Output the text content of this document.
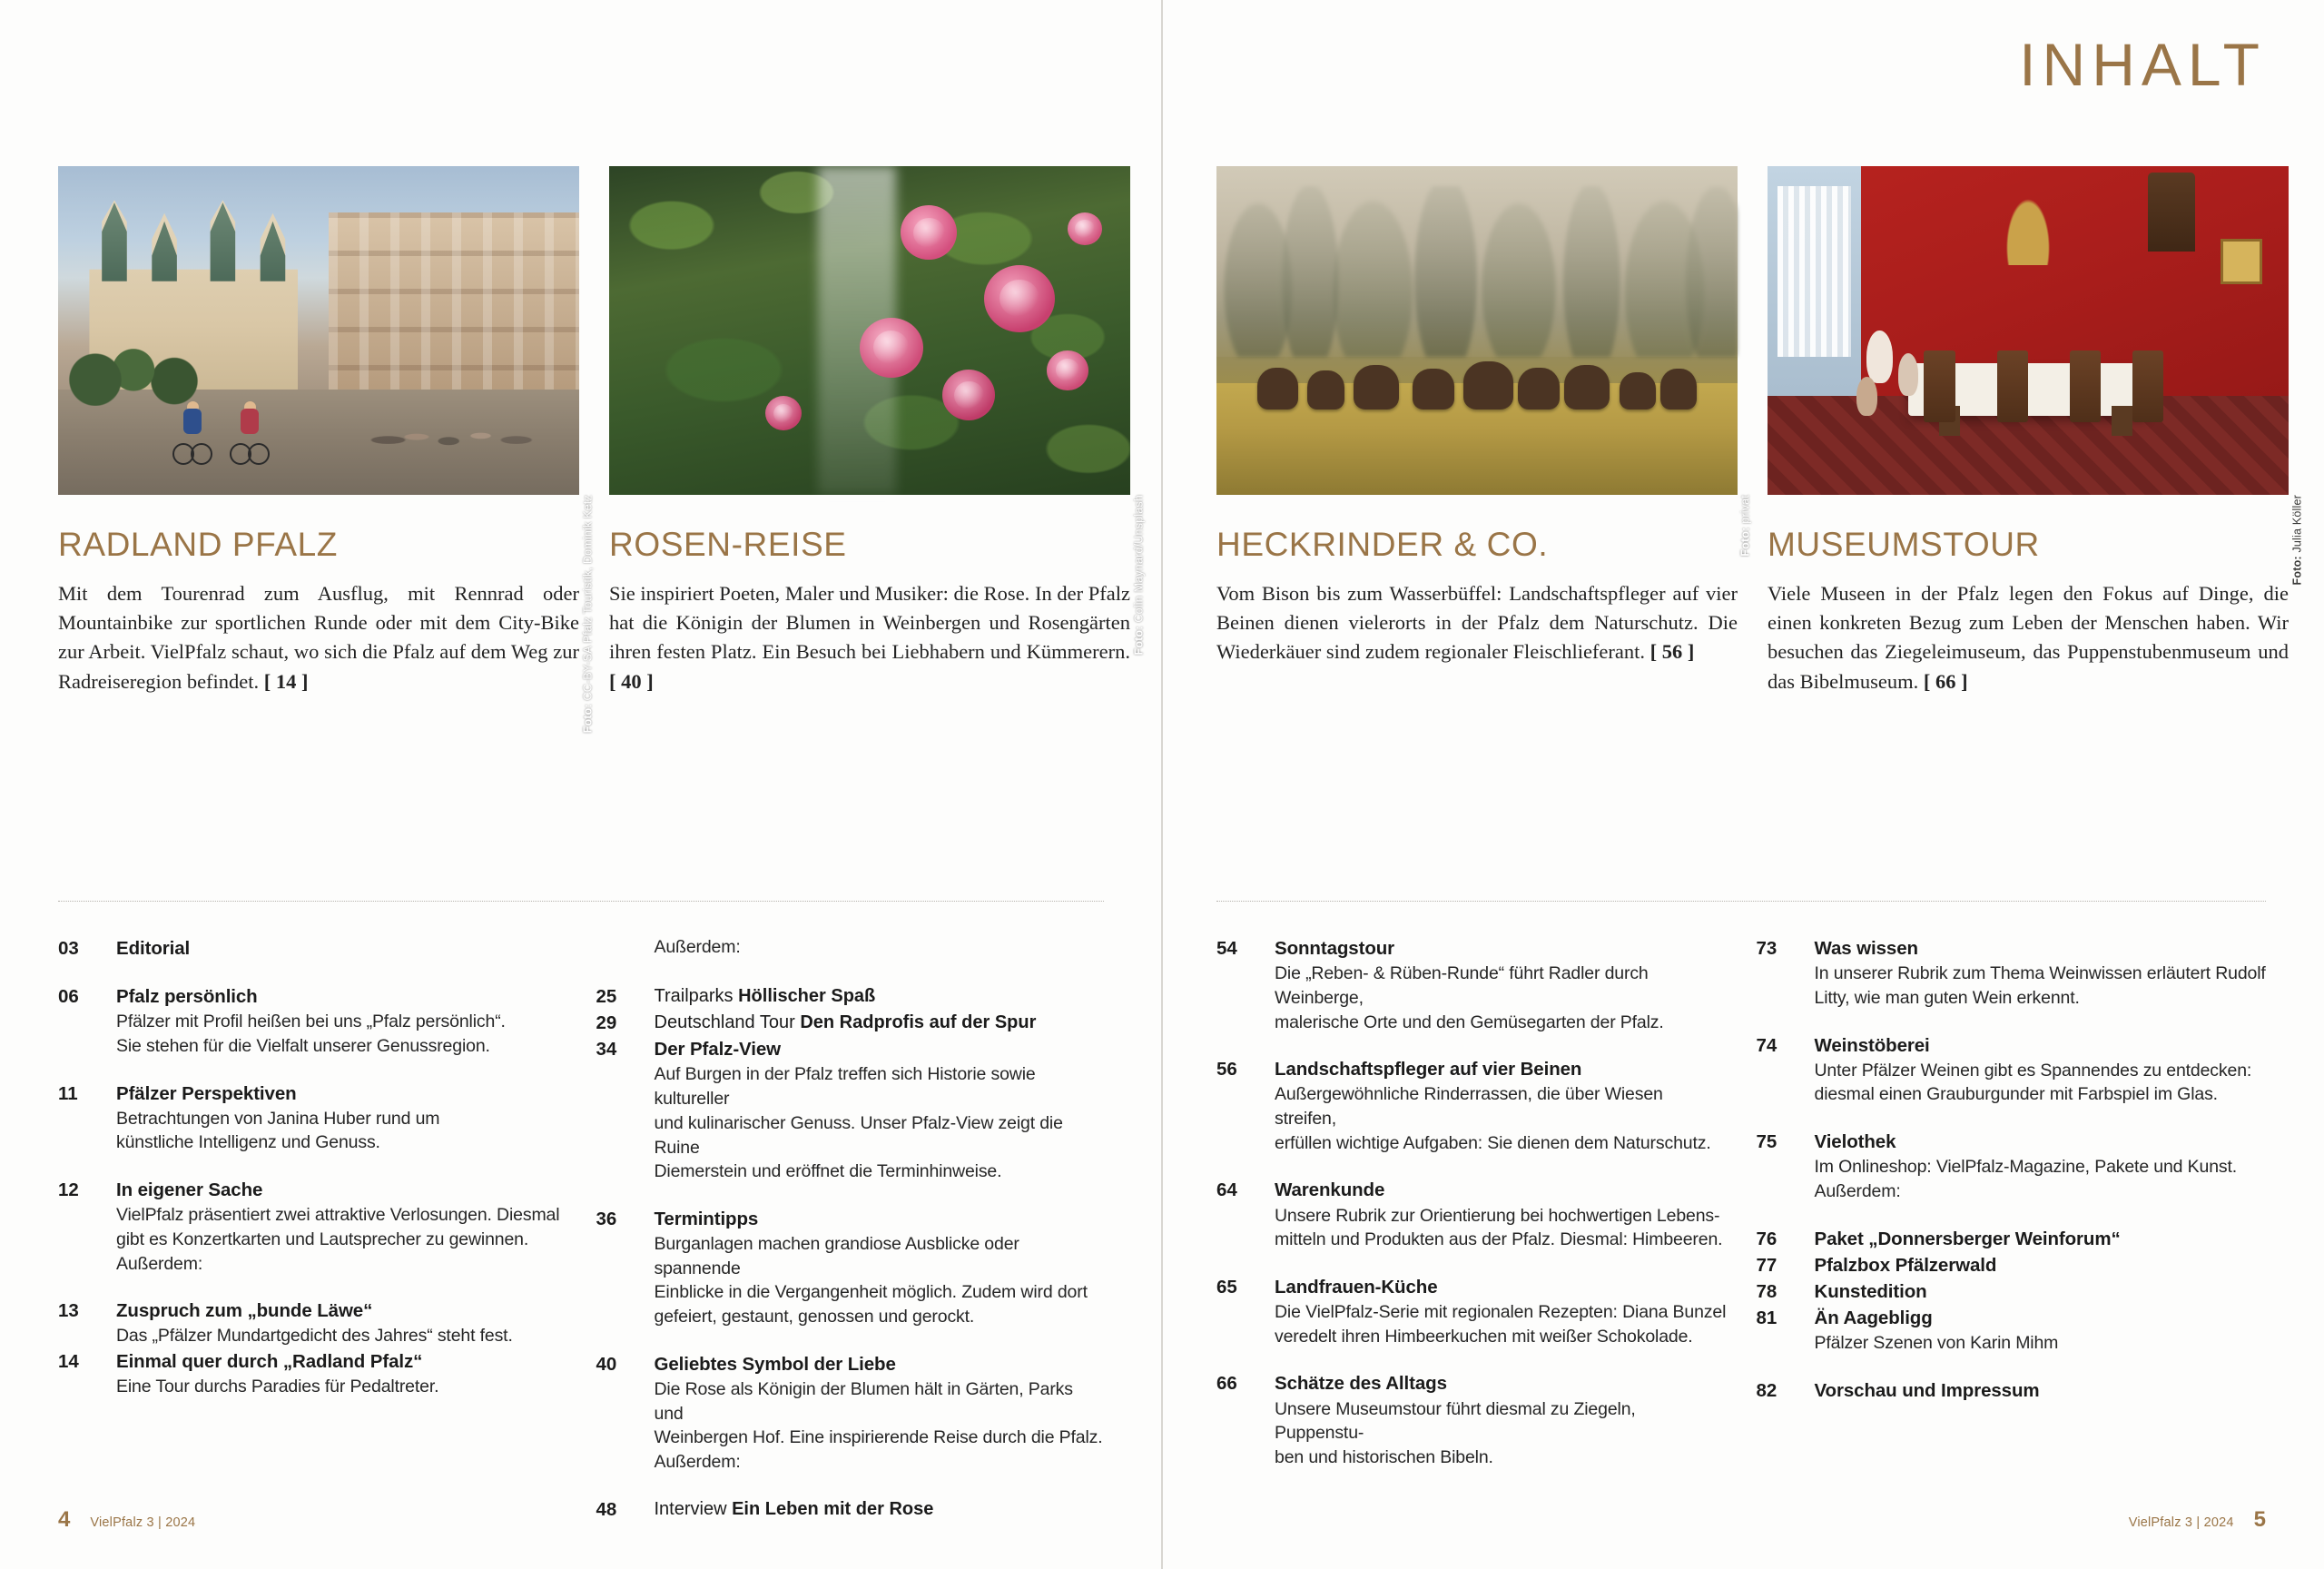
Foto: CC-BY-SA Pfalz Touristik, Dominik Ketz
RADLAND PFALZ
Mit dem Tourenrad zum Ausflug, mit Rennrad oder Mountainbike zur sportlichen Runde oder mit dem City-Bike zur Arbeit. VielPfalz schaut, wo sich die Pfalz auf dem Weg zur Radreiseregion befindet. [ 14 ]
Foto: Colin Maynard/Unsplash
ROSEN-REISE
Sie inspiriert Poeten, Maler und Musiker: die Rose. In der Pfalz hat die Königin der Blumen in Weinbergen und Rosengärten ihren festen Platz. Ein Besuch bei Liebhabern und Kümmerern. [ 40 ]
03	Editorial
06	Pfalz persönlich
Pfälzer mit Profil heißen bei uns „Pfalz persönlich“.
Sie stehen für die Vielfalt unserer Genussregion.
11	Pfälzer Perspektiven
Betrachtungen von Janina Huber rund um
künstliche Intelligenz und Genuss.
12	In eigener Sache
VielPfalz präsentiert zwei attraktive Verlosungen. Diesmal
gibt es Konzertkarten und Lautsprecher zu gewinnen.
Außerdem:
13	Zuspruch zum „bunde Läwe“
Das „Pfälzer Mundartgedicht des Jahres“ steht fest.
14	Einmal quer durch „Radland Pfalz“
Eine Tour durchs Paradies für Pedaltreter.
Außerdem:
25	Trailparks Höllischer Spaß
29	Deutschland Tour Den Radprofis auf der Spur
34	Der Pfalz-View
Auf Burgen in der Pfalz treffen sich Historie sowie kultureller
und kulinarischer Genuss. Unser Pfalz-View zeigt die Ruine
Diemerstein und eröffnet die Terminhinweise.
36	Termintipps
Burganlagen machen grandiose Ausblicke oder spannende
Einblicke in die Vergangenheit möglich. Zudem wird dort
gefeiert, gestaunt, genossen und gerockt.
40	Geliebtes Symbol der Liebe
Die Rose als Königin der Blumen hält in Gärten, Parks und
Weinbergen Hof. Eine inspirierende Reise durch die Pfalz.
Außerdem:
48	Interview Ein Leben mit der Rose
4 VielPfalz 3 | 2024
INHALT
Foto: privat
HECKRINDER & CO.
Vom Bison bis zum Wasserbüffel: Landschaftspfleger auf vier Beinen dienen vielerorts in der Pfalz dem Naturschutz. Die Wiederkäuer sind zudem regionaler Fleischlieferant. [ 56 ]
Foto: Julia Köller
MUSEUMSTOUR
Viele Museen in der Pfalz legen den Fokus auf Dinge, die einen konkreten Bezug zum Leben der Menschen haben. Wir besuchen das Ziegeleimuseum, das Puppenstubenmuseum und das Bibelmuseum. [ 66 ]
54	Sonntagstour
Die „Reben- & Rüben-Runde“ führt Radler durch Weinberge,
malerische Orte und den Gemüsegarten der Pfalz.
56	Landschaftspfleger auf vier Beinen
Außergewöhnliche Rinderrassen, die über Wiesen streifen,
erfüllen wichtige Aufgaben: Sie dienen dem Naturschutz.
64	Warenkunde
Unsere Rubrik zur Orientierung bei hochwertigen Lebens-
mitteln und Produkten aus der Pfalz. Diesmal: Himbeeren.
65	Landfrauen-Küche
Die VielPfalz-Serie mit regionalen Rezepten: Diana Bunzel
veredelt ihren Himbeerkuchen mit weißer Schokolade.
66	Schätze des Alltags
Unsere Museumstour führt diesmal zu Ziegeln, Puppenstu-
ben und historischen Bibeln.
73	Was wissen
In unserer Rubrik zum Thema Weinwissen erläutert Rudolf
Litty, wie man guten Wein erkennt.
74	Weinstöberei
Unter Pfälzer Weinen gibt es Spannendes zu entdecken:
diesmal einen Grauburgunder mit Farbspiel im Glas.
75	Vielothek
Im Onlineshop: VielPfalz-Magazine, Pakete und Kunst.
Außerdem:
76	Paket „Donnersberger Weinforum“
77	Pfalzbox Pfälzerwald
78	Kunstedition
81	Än Aagebligg
Pfälzer Szenen von Karin Mihm
82	Vorschau und Impressum
VielPfalz 3 | 2024 5
